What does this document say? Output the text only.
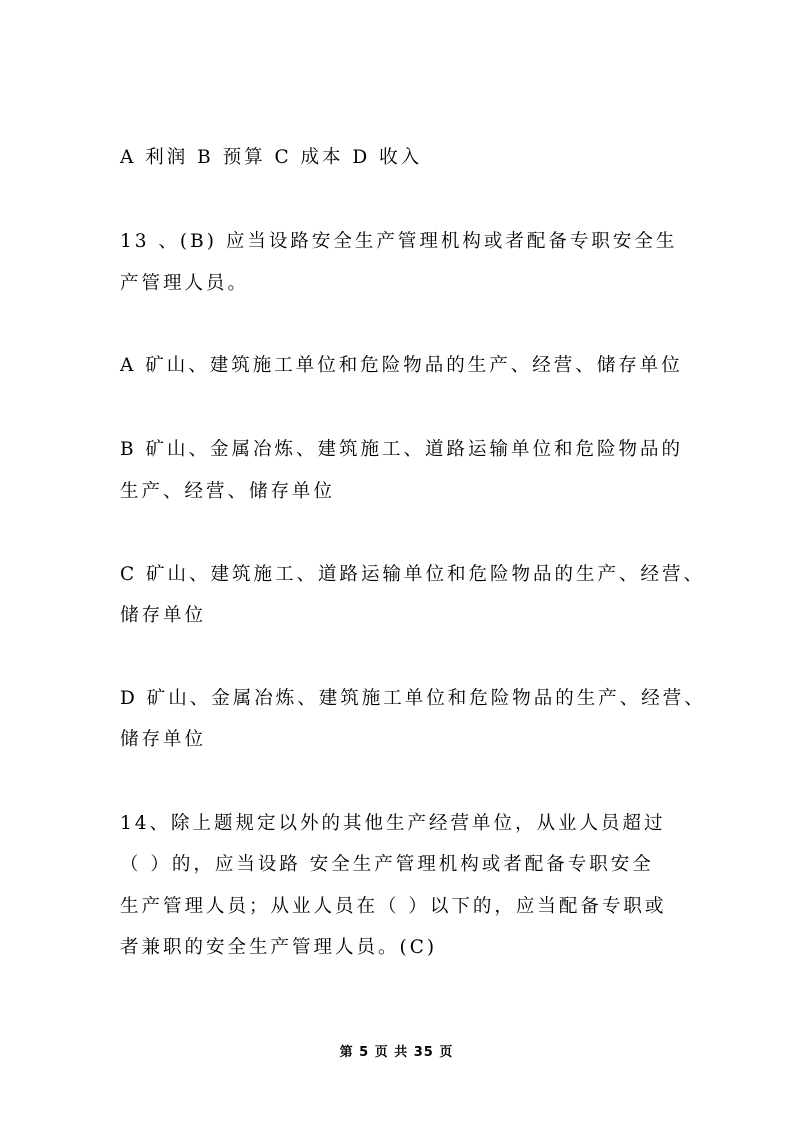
A 利润 B 预算 C 成本 D 收入

13 、(B) 应当设路安全生产管理机构或者配备专职安全生

产管理人员。

A 矿山、建筑施工单位和危险物品的生产、经营、储存单位

B 矿山、金属冶炼、建筑施工、道路运输单位和危险物品的

生产、经营、储存单位

C 矿山、建筑施工、道路运输单位和危险物品的生产、经营、

储存单位

D 矿山、金属冶炼、建筑施工单位和危险物品的生产、经营、

储存单位

14、除上题规定以外的其他生产经营单位，从业人员超过

（ ）的，应当设路 安全生产管理机构或者配备专职安全

生产管理人员；从业人员在（ ）以下的，应当配备专职或

者兼职的安全生产管理人员。(C)

第 5 页 共 35 页
